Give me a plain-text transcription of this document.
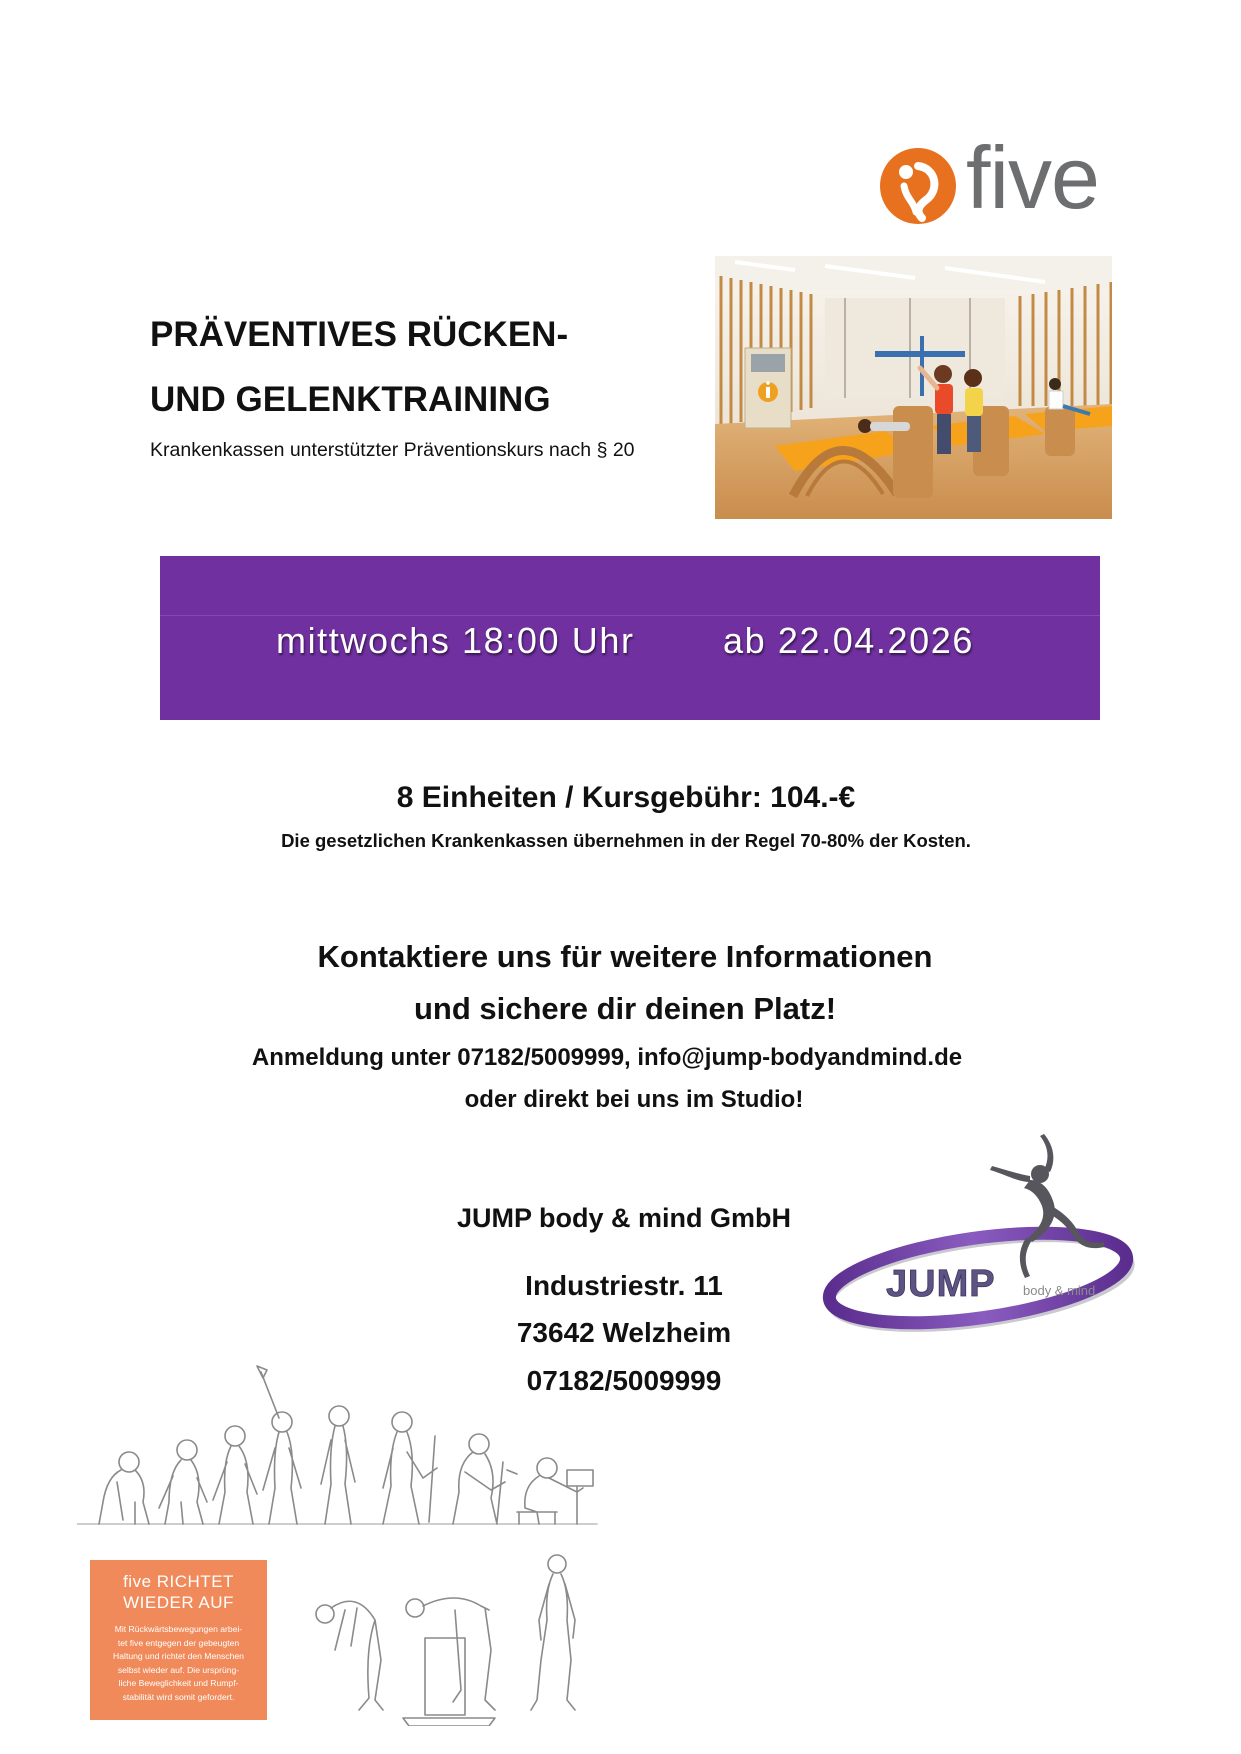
five
PRÄVENTIVES RÜCKEN-
UND GELENKTRAINING
Krankenkassen unterstützter Präventionskurs nach § 20
mittwochs 18:00 Uhr ab 22.04.2026
8 Einheiten / Kursgebühr: 104.-€
Die gesetzlichen Krankenkassen übernehmen in der Regel 70-80% der Kosten.
Kontaktiere uns für weitere Informationen
und sichere dir deinen Platz!
Anmeldung unter 07182/5009999, info@jump-bodyandmind.de
oder direkt bei uns im Studio!
JUMP body & mind GmbH
Industriestr. 11
73642 Welzheim
07182/5009999
JUMP body & mind
five RICHTET
WIEDER AUF
Mit Rückwärtsbewegungen arbei-
tet five entgegen der gebeugten
Haltung und richtet den Menschen
selbst wieder auf. Die ursprüng-
liche Beweglichkeit und Rumpf-
stabilität wird somit gefordert.
